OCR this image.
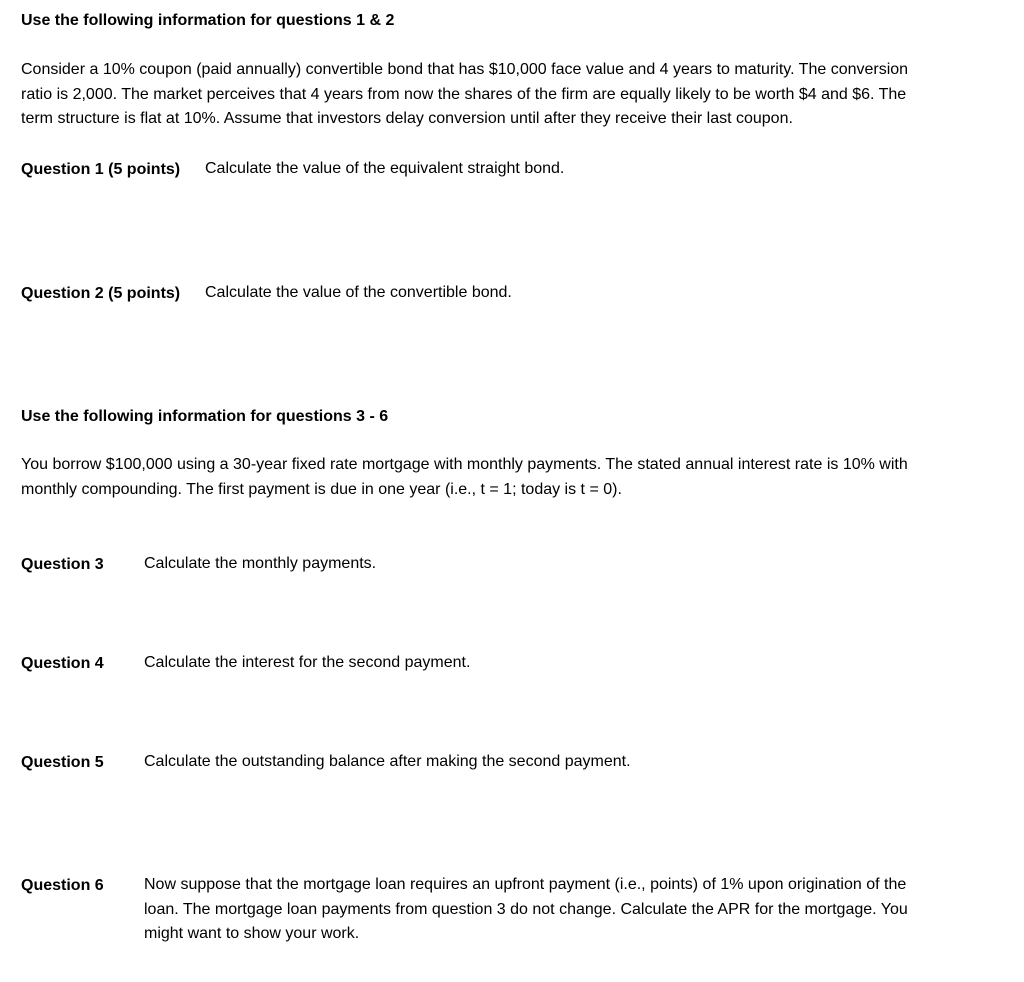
Use the following information for questions 1 & 2
Consider a 10% coupon (paid annually) convertible bond that has $10,000 face value and 4 years to maturity. The conversion
ratio is 2,000. The market perceives that 4 years from now the shares of the firm are equally likely to be worth $4 and $6. The
term structure is flat at 10%. Assume that investors delay conversion until after they receive their last coupon.
Question 1 (5 points) Calculate the value of the equivalent straight bond.
Question 2 (5 points) Calculate the value of the convertible bond.
Use the following information for questions 3 - 6
You borrow $100,000 using a 30-year fixed rate mortgage with monthly payments. The stated annual interest rate is 10% with
monthly compounding. The first payment is due in one year (i.e., t = 1; today is t = 0).
Question 3	Calculate the monthly payments.
Question 4	Calculate the interest for the second payment.
Question 5	Calculate the outstanding balance after making the second payment.
Question 6	Now suppose that the mortgage loan requires an upfront payment (i.e., points) of 1% upon origination of the
loan. The mortgage loan payments from question 3 do not change. Calculate the APR for the mortgage. You
might want to show your work.
